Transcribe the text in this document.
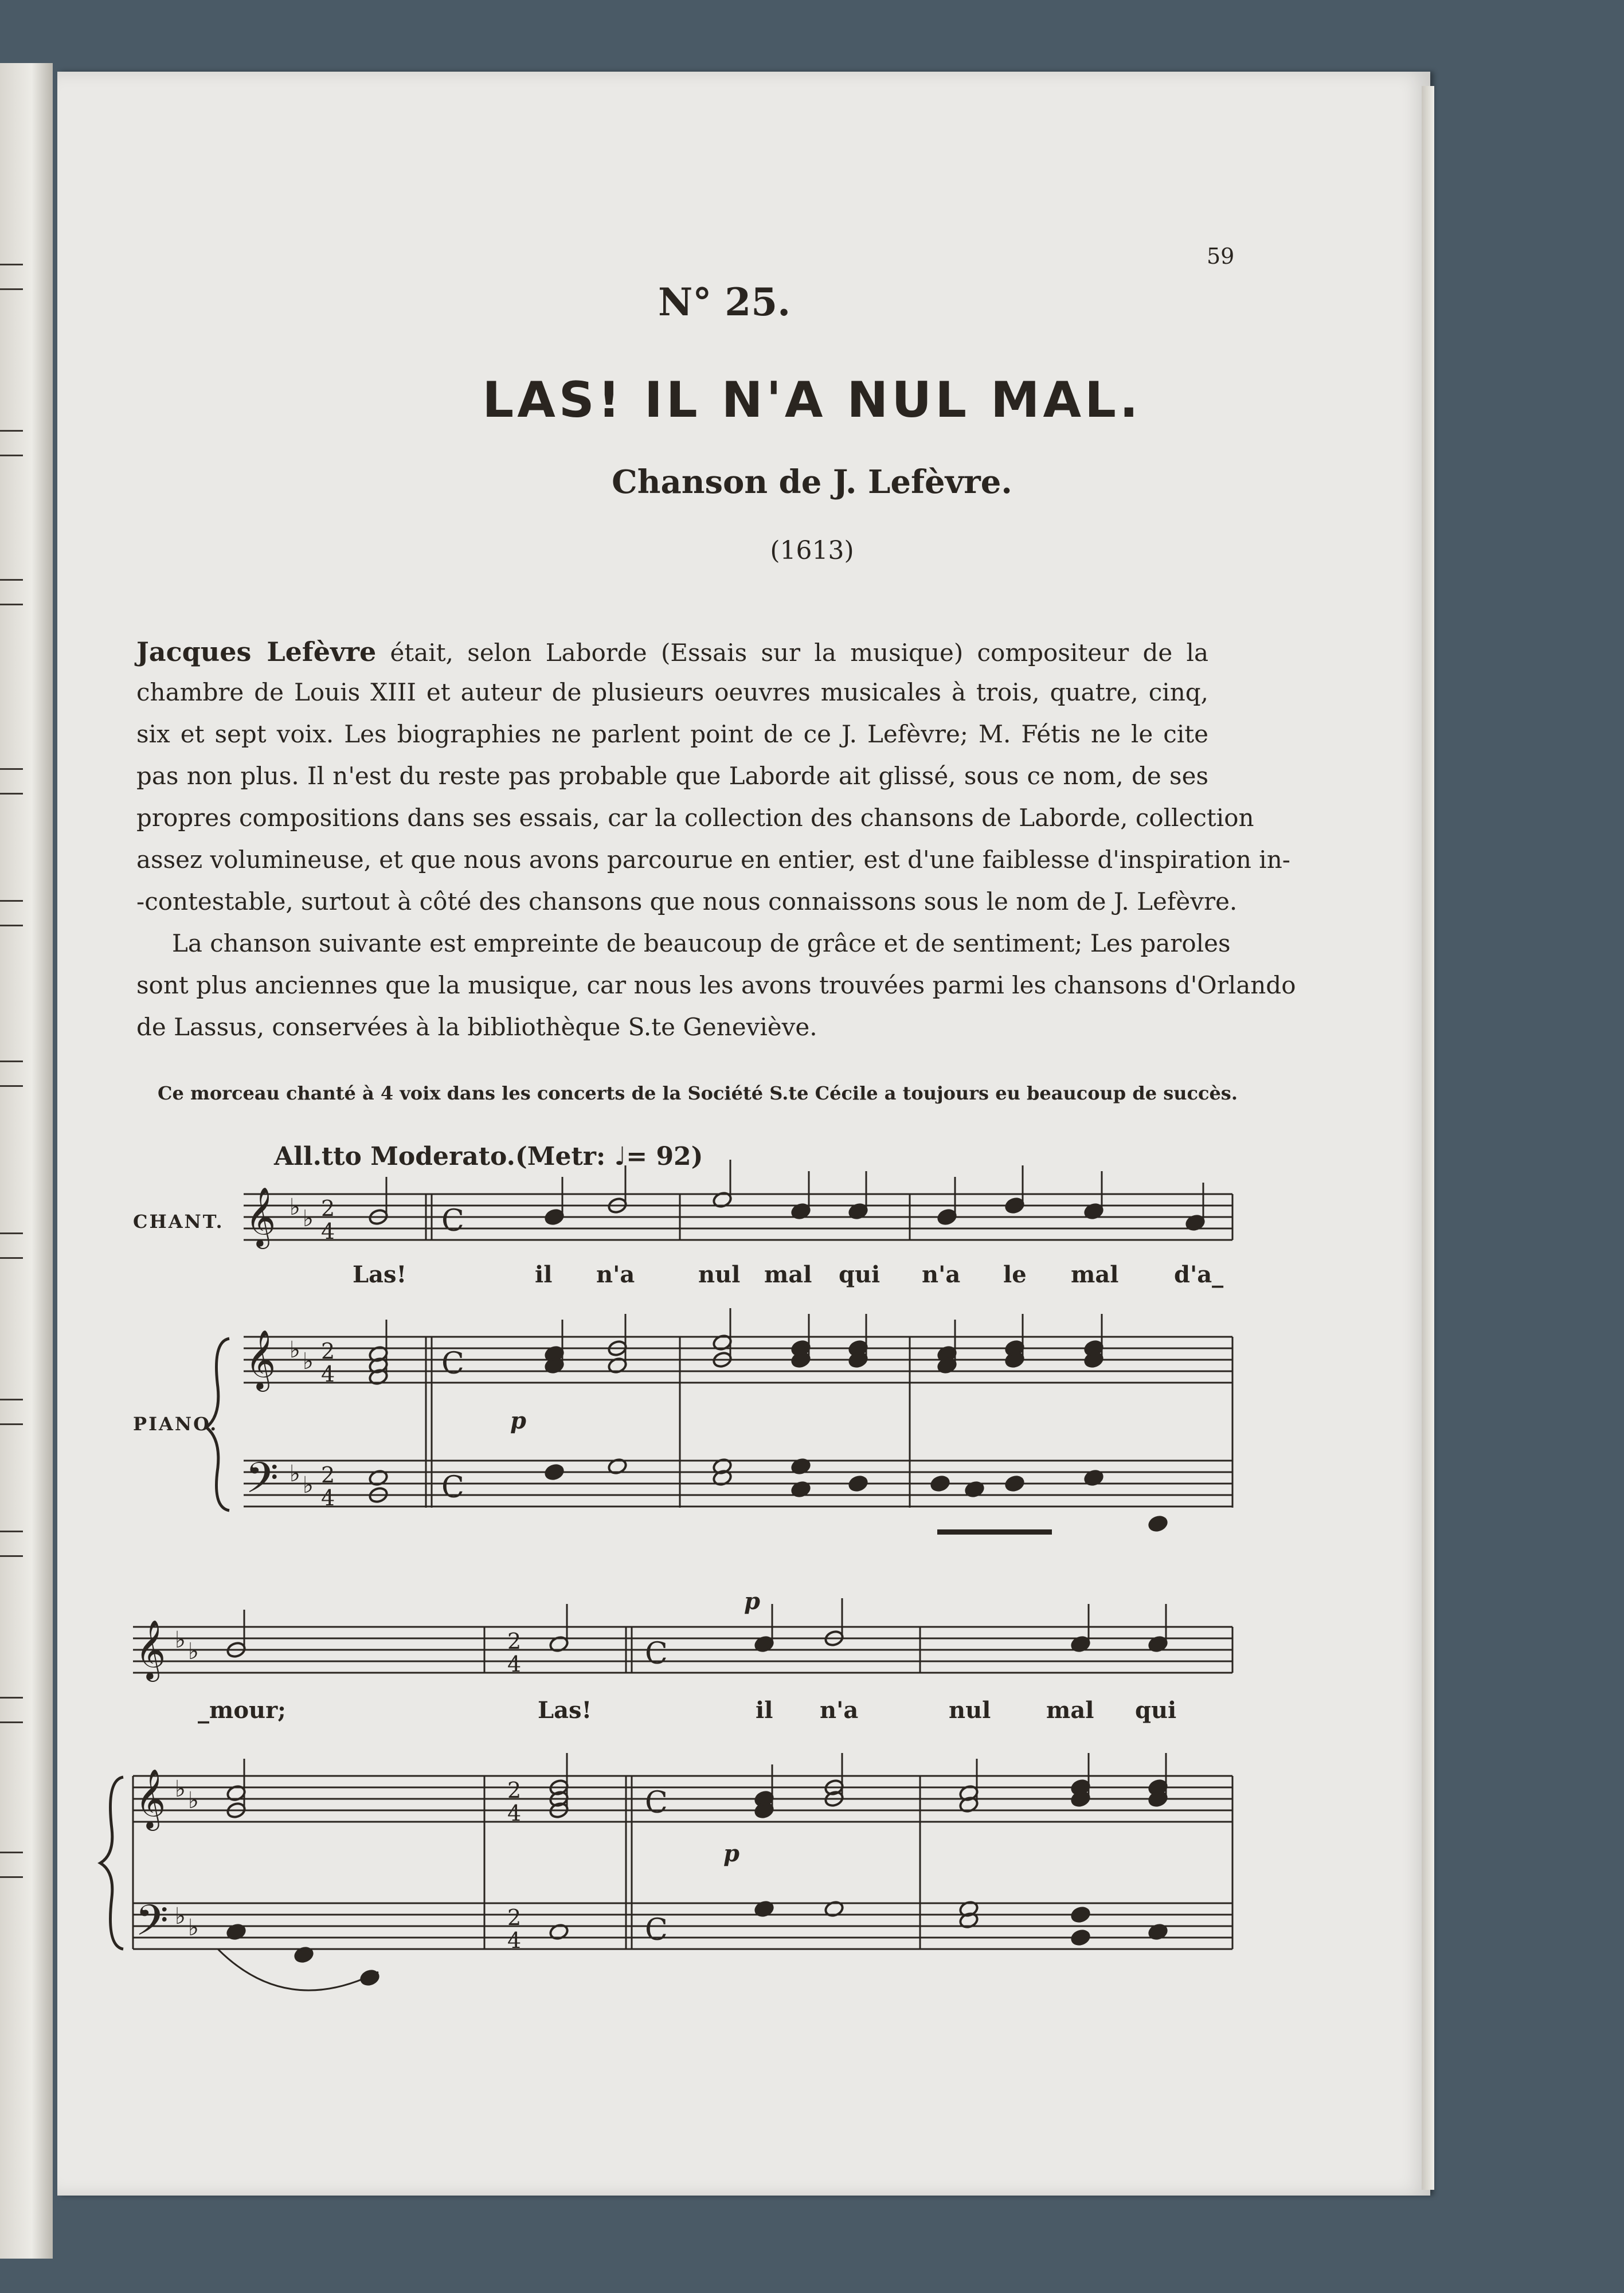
59
N° 25.
LAS! IL N'A NUL MAL.
Chanson de J. Lefèvre.
(1613)
Jacques Lefèvre était, selon Laborde (Essais sur la musique) compositeur de la
chambre de Louis XIII et auteur de plusieurs oeuvres musicales à trois, quatre, cinq,
six et sept voix. Les biographies ne parlent point de ce J. Lefèvre; M. Fétis ne le cite
pas non plus. Il n'est du reste pas probable que Laborde ait glissé, sous ce nom, de ses
propres compositions dans ses essais, car la collection des chansons de Laborde, collection
assez volumineuse, et que nous avons parcourue en entier, est d'une faiblesse d'inspiration in-
-contestable, surtout à côté des chansons que nous connaissons sous le nom de J. Lefèvre.
La chanson suivante est empreinte de beaucoup de grâce et de sentiment; Les paroles
sont plus anciennes que la musique, car nous les avons trouvées parmi les chansons d'Orlando
de Lassus, conservées à la bibliothèque S.te Geneviève.
Ce morceau chanté à 4 voix dans les concerts de la Société S.te Cécile a toujours eu beaucoup de succès.
All.tto Moderato.(Metr: ♩= 92)
CHANT.
PIANO.	p
p
p
Las!	il n'a	nul mal qui n'a le mal d'a_
_mour;	Las!	il n'a	nul mal qui
𝄞 ♭ ♭ 2
4	C
𝄞 ♭ ♭ 2
4	C
𝄢 ♭ ♭ 2
4	C
𝄞 ♭ ♭	2
4	C
𝄞 ♭ ♭	2
4	C
𝄢 ♭ ♭	2
4	C
